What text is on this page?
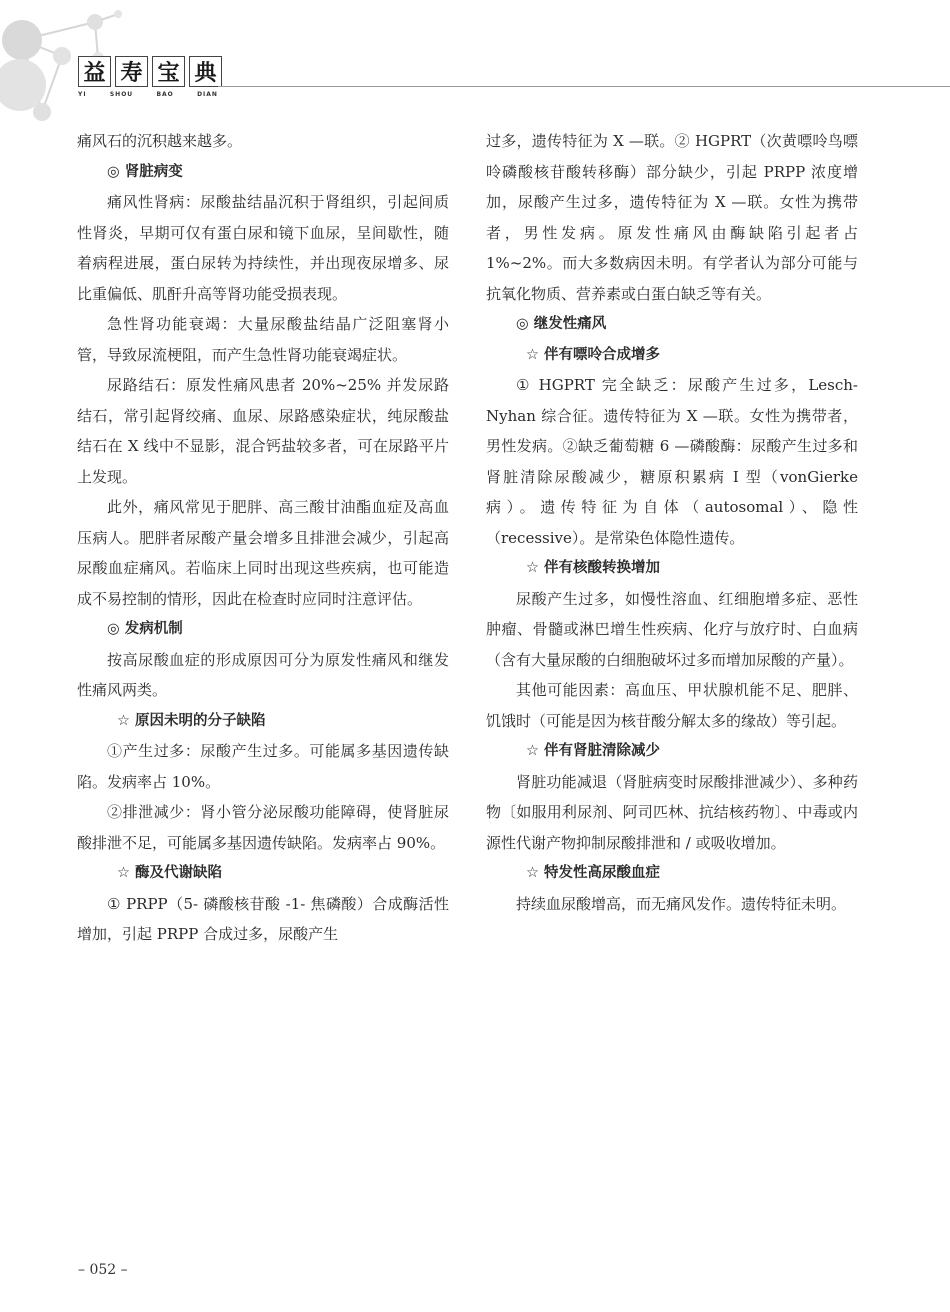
益 寿 宝 典
YI	SHOU	BAO	DIAN

痛风石的沉积越来越多。

◎ 肾脏病变

痛风性肾病：尿酸盐结晶沉积于肾组织，引起间质性肾炎，早期可仅有蛋白尿和镜下血尿，呈间歇性，随着病程进展，蛋白尿转为持续性，并出现夜尿增多、尿比重偏低、肌酐升高等肾功能受损表现。

急性肾功能衰竭：大量尿酸盐结晶广泛阻塞肾小管，导致尿流梗阻，而产生急性肾功能衰竭症状。

尿路结石：原发性痛风患者 20%~25% 并发尿路结石，常引起肾绞痛、血尿、尿路感染症状，纯尿酸盐结石在 X 线中不显影，混合钙盐较多者，可在尿路平片上发现。

此外，痛风常见于肥胖、高三酸甘油酯血症及高血压病人。肥胖者尿酸产量会增多且排泄会减少，引起高尿酸血症痛风。若临床上同时出现这些疾病，也可能造成不易控制的情形，因此在检查时应同时注意评估。

◎ 发病机制

按高尿酸血症的形成原因可分为原发性痛风和继发性痛风两类。

☆ 原因未明的分子缺陷

①产生过多：尿酸产生过多。可能属多基因遗传缺陷。发病率占 10%。

②排泄减少：肾小管分泌尿酸功能障碍，使肾脏尿酸排泄不足，可能属多基因遗传缺陷。发病率占 90%。

☆ 酶及代谢缺陷

① PRPP（5- 磷酸核苷酸 -1- 焦磷酸）合成酶活性增加，引起 PRPP 合成过多，尿酸产生

过多，遗传特征为 X —联。② HGPRT（次黄嘌呤鸟嘌呤磷酸核苷酸转移酶）部分缺少，引起 PRPP 浓度增加，尿酸产生过多，遗传特征为 X —联。女性为携带者，男性发病。原发性痛风由酶缺陷引起者占 1%~2%。而大多数病因未明。有学者认为部分可能与抗氧化物质、营养素或白蛋白缺乏等有关。

◎ 继发性痛风

☆ 伴有嘌呤合成增多

① HGPRT 完全缺乏：尿酸产生过多，Lesch-Nyhan 综合征。遗传特征为 X —联。女性为携带者，男性发病。②缺乏葡萄糖 6 —磷酸酶：尿酸产生过多和肾脏清除尿酸减少，糖原积累病 I 型（vonGierke 病）。遗传特征为自体（autosomal）、隐性（recessive）。是常染色体隐性遗传。

☆ 伴有核酸转换增加

尿酸产生过多，如慢性溶血、红细胞增多症、恶性肿瘤、骨髓或淋巴增生性疾病、化疗与放疗时、白血病（含有大量尿酸的白细胞破坏过多而增加尿酸的产量）。

其他可能因素：高血压、甲状腺机能不足、肥胖、饥饿时（可能是因为核苷酸分解太多的缘故）等引起。

☆ 伴有肾脏清除减少

肾脏功能减退（肾脏病变时尿酸排泄减少）、多种药物〔如服用利尿剂、阿司匹林、抗结核药物〕、中毒或内源性代谢产物抑制尿酸排泄和 / 或吸收增加。

☆ 特发性高尿酸血症

持续血尿酸增高，而无痛风发作。遗传特征未明。

– 052 –
